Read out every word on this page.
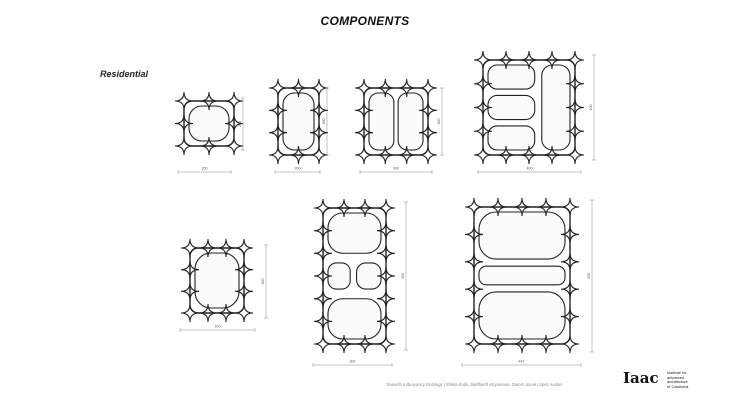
COMPONENTS
Residential
200
200
200
300
300
300
400
400
200
300
300
400
447
300
Towards a Buoyancy Ontology | Shikla Kullu, Siddharth Kriyamane, Damin Josué López Avalos	Iaac Institute for
advanced
architecture
of Catalonia
